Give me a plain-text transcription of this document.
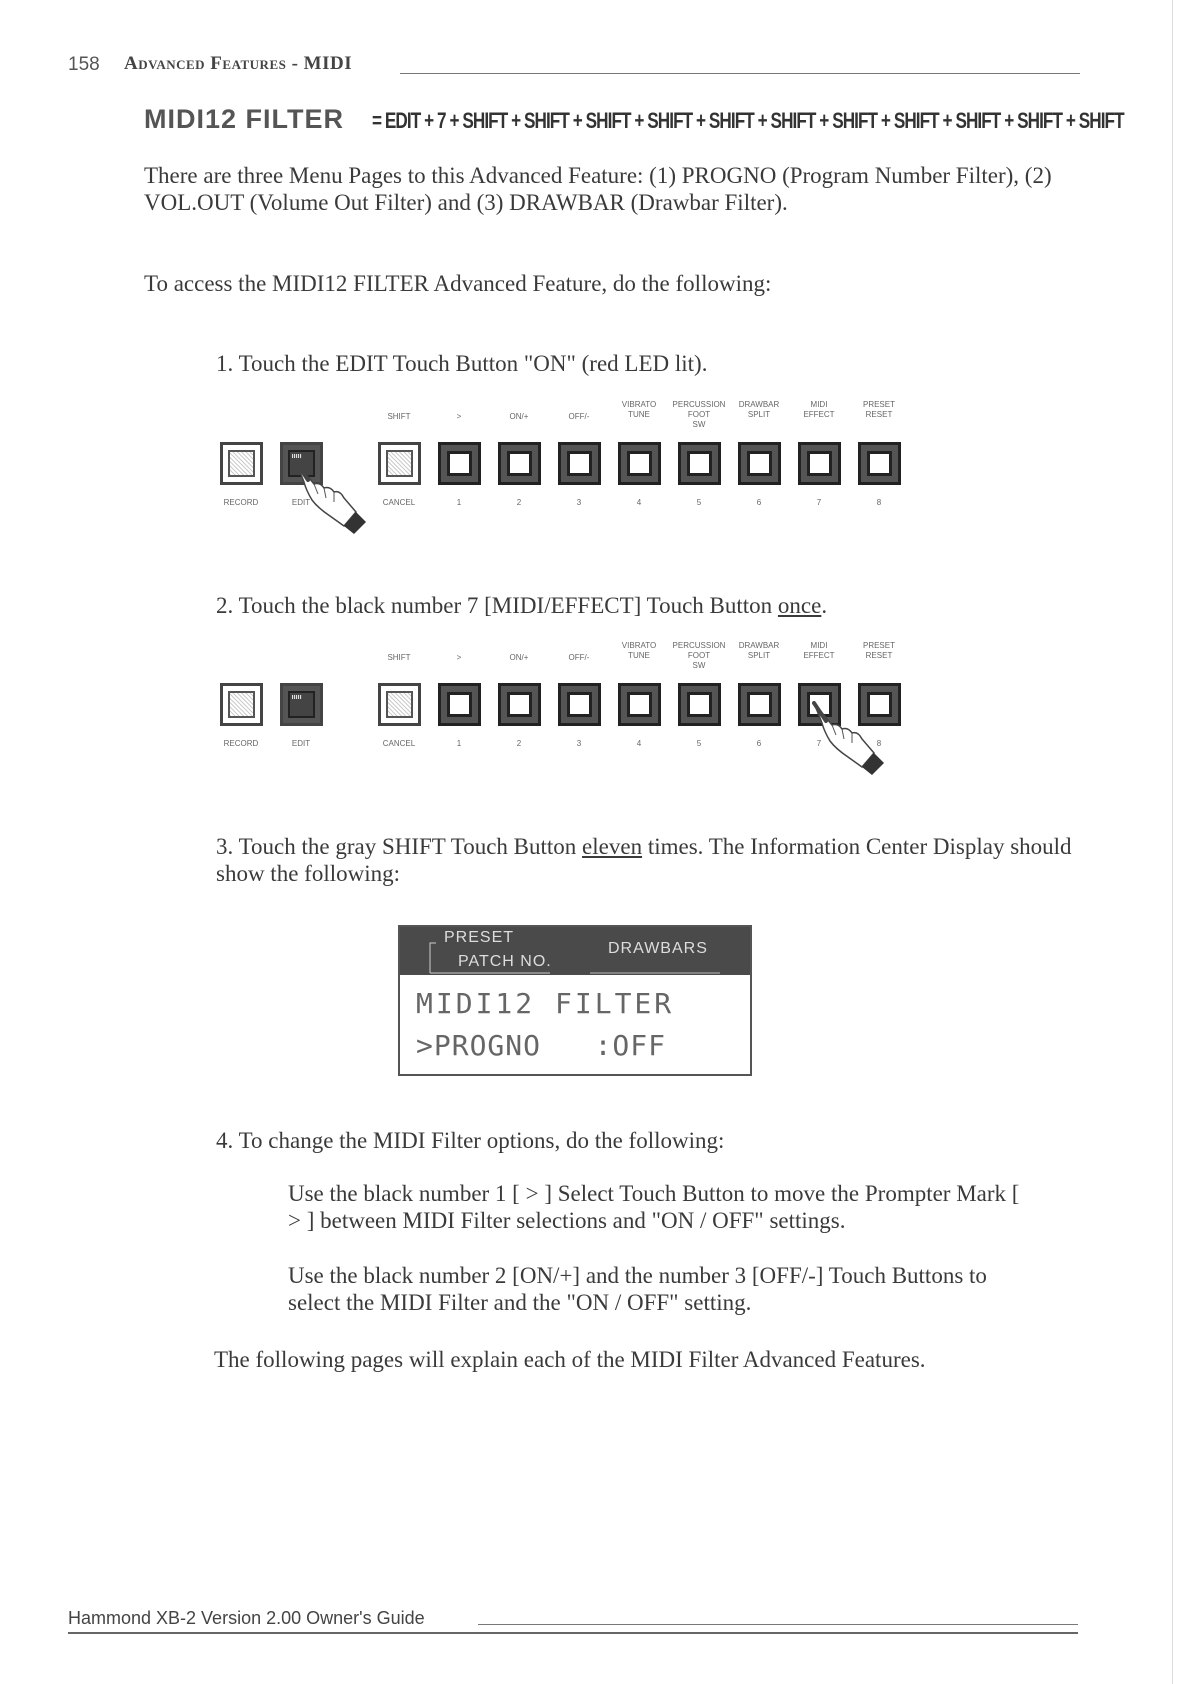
158 Advanced Features - MIDI
MIDI12 FILTER = EDIT + 7 + SHIFT + SHIFT + SHIFT + SHIFT + SHIFT + SHIFT + SHIFT + SHIFT + SHIFT + SHIFT + SHIFT
There are three Menu Pages to this Advanced Feature: (1) PROGNO (Program Number Filter), (2) VOL.OUT (Volume Out Filter) and (3) DRAWBAR (Drawbar Filter).
To access the MIDI12 FILTER Advanced Feature, do the following:
1. Touch the EDIT Touch Button "ON" (red LED lit).
RECORD	EDIT	CANCEL
SHIFT
1
>
2
ON/+
3
OFF/-
4
VIBRATO
TUNE
5
PERCUSSION
FOOT
SW
6
DRAWBAR
SPLIT
7
MIDI
EFFECT
8
PRESET
RESET
2. Touch the black number 7 [MIDI/EFFECT] Touch Button once.
RECORD	EDIT	CANCEL
SHIFT
1
>
2
ON/+
3
OFF/-
4
VIBRATO
TUNE
5
PERCUSSION
FOOT
SW
6
DRAWBAR
SPLIT
7
MIDI
EFFECT
8
PRESET
RESET
3. Touch the gray SHIFT Touch Button eleven times. The Information Center Display should show the following:
PRESET
PATCH NO.
DRAWBARS
MIDI12 FILTER
>PROGNO   :OFF
4. To change the MIDI Filter options, do the following:
Use the black number 1 [ > ] Select Touch Button to move the Prompter Mark [ > ] between MIDI Filter selections and "ON / OFF" settings.
Use the black number 2 [ON/+] and the number 3 [OFF/-] Touch Buttons to select the MIDI Filter and the "ON / OFF" setting.
The following pages will explain each of the MIDI Filter Advanced Features.
Hammond XB-2 Version 2.00 Owner's Guide
